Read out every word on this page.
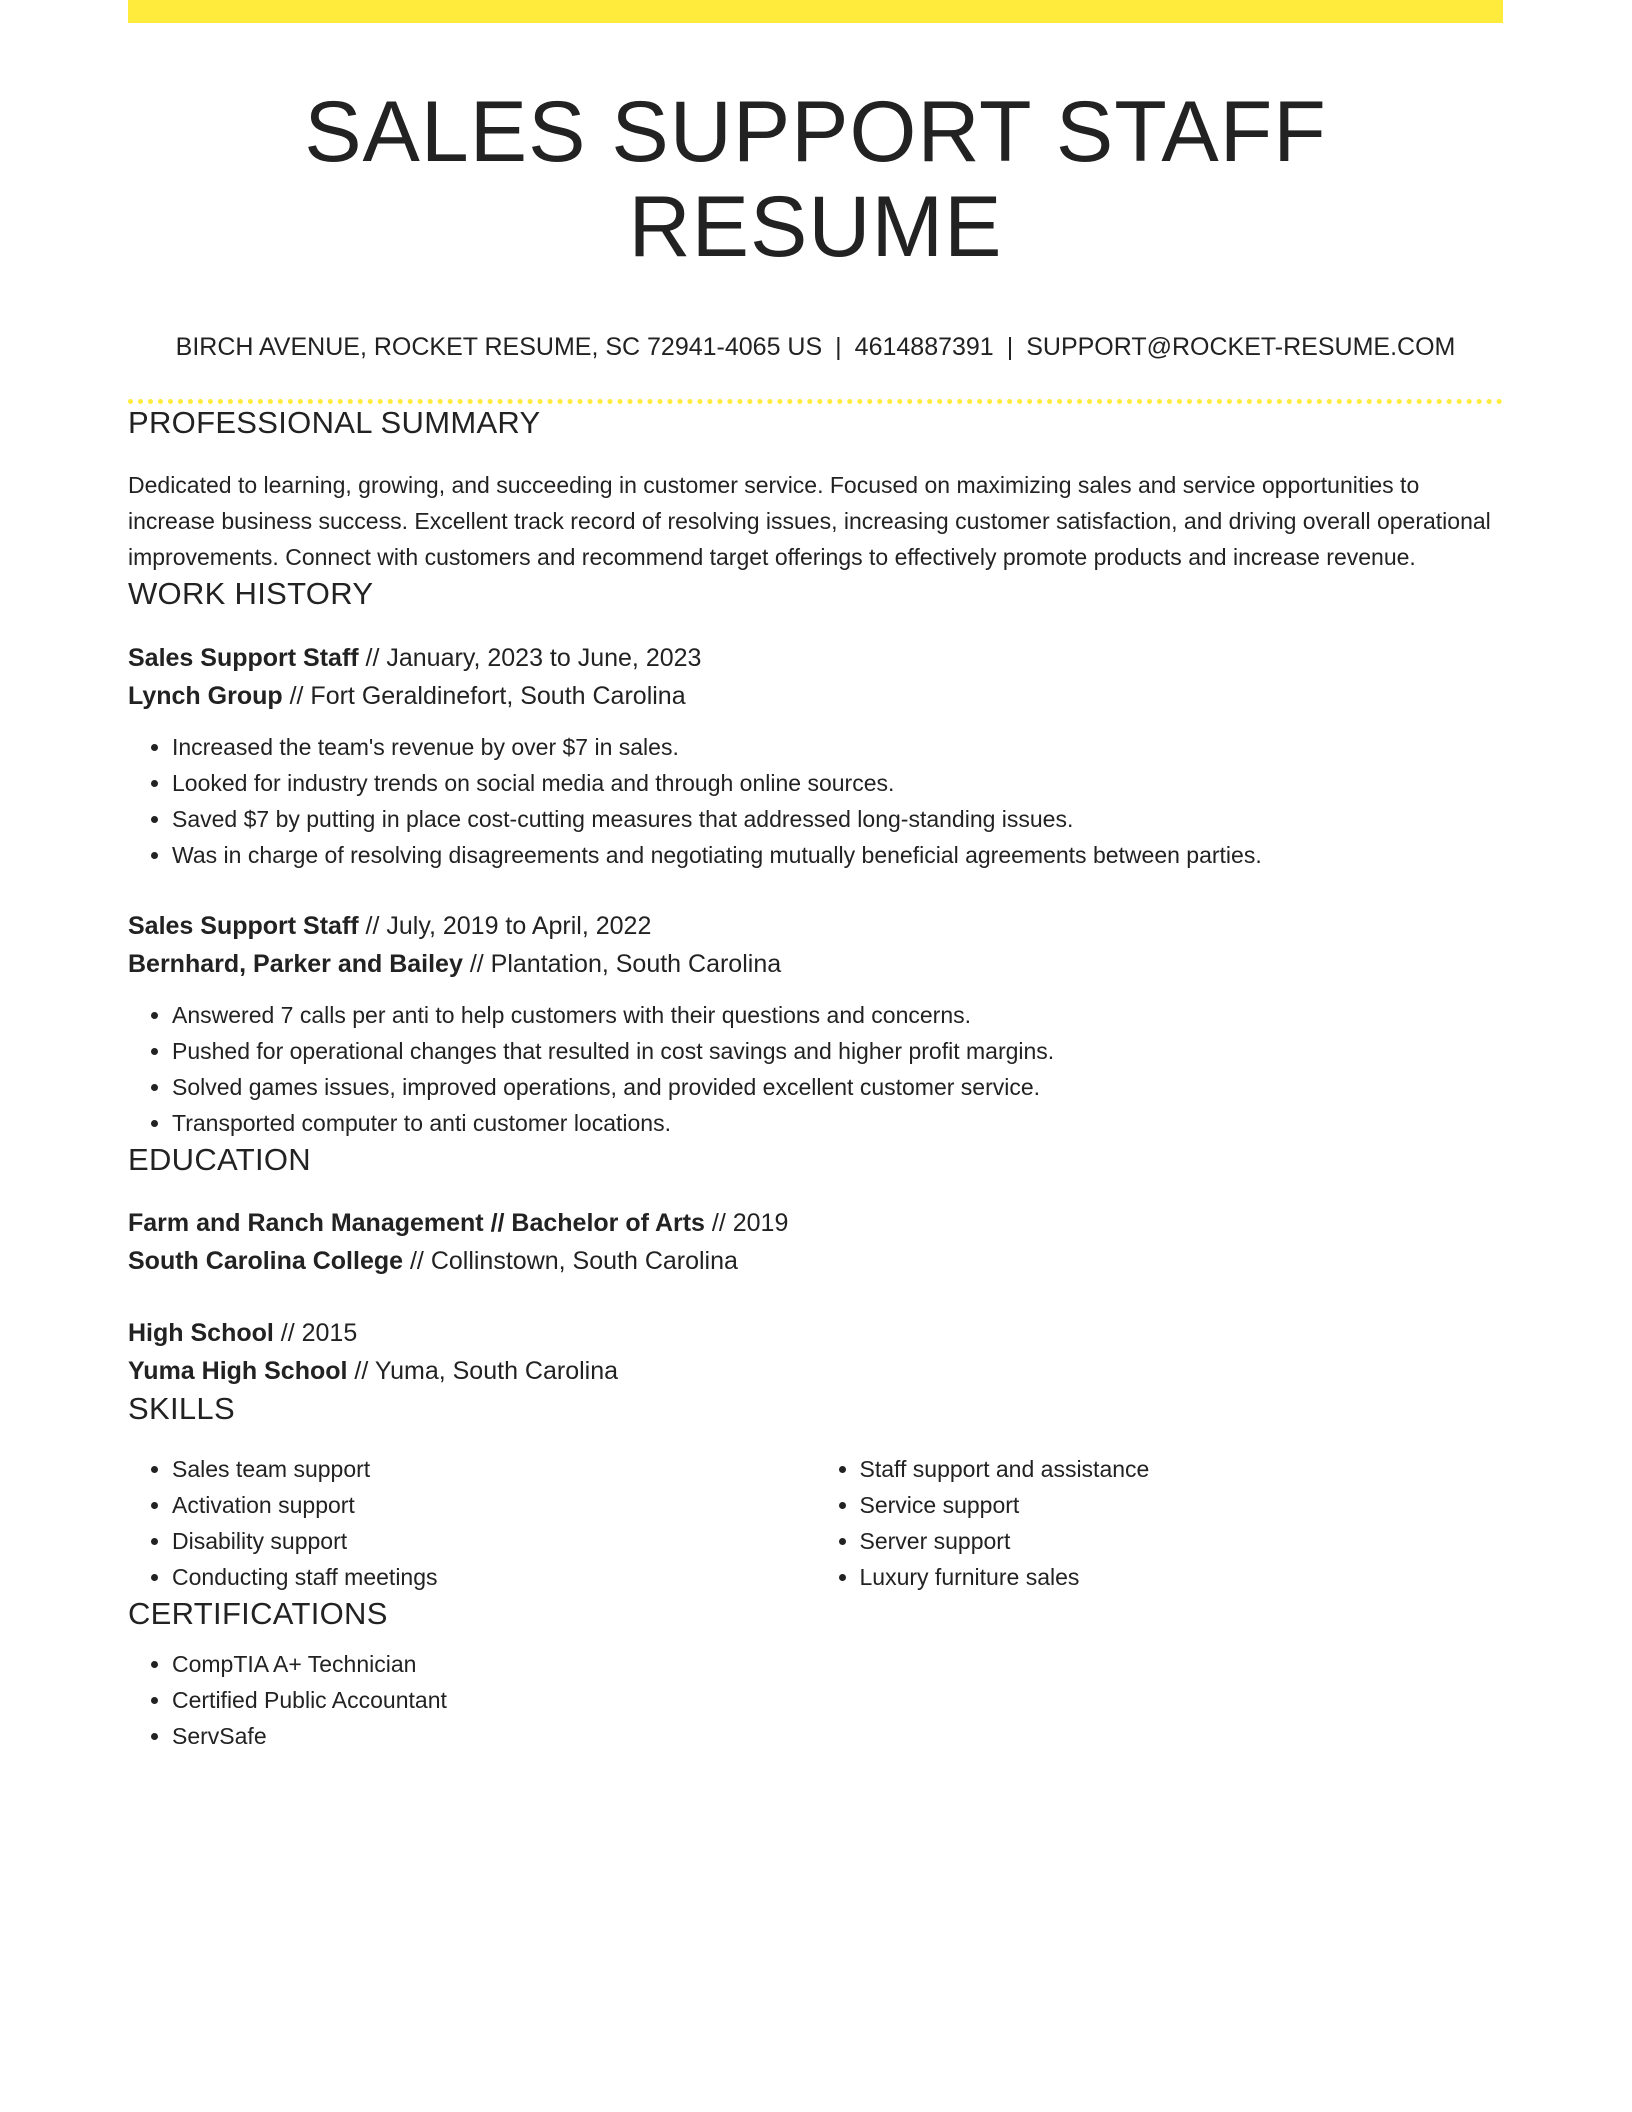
SALES SUPPORT STAFF RESUME
BIRCH AVENUE, ROCKET RESUME, SC 72941-4065 US | 4614887391 | SUPPORT@ROCKET-RESUME.COM
PROFESSIONAL SUMMARY

Dedicated to learning, growing, and succeeding in customer service. Focused on maximizing sales and service opportunities to increase business success. Excellent track record of resolving issues, increasing customer satisfaction, and driving overall operational improvements. Connect with customers and recommend target offerings to effectively promote products and increase revenue.

WORK HISTORY
Sales Support Staff // January, 2023 to June, 2023
Lynch Group // Fort Geraldinefort, South Carolina
• Increased the team's revenue by over $7 in sales.
• Looked for industry trends on social media and through online sources.
• Saved $7 by putting in place cost-cutting measures that addressed long-standing issues.
• Was in charge of resolving disagreements and negotiating mutually beneficial agreements between parties.
Sales Support Staff // July, 2019 to April, 2022
Bernhard, Parker and Bailey // Plantation, South Carolina
• Answered 7 calls per anti to help customers with their questions and concerns.
• Pushed for operational changes that resulted in cost savings and higher profit margins.
• Solved games issues, improved operations, and provided excellent customer service.
• Transported computer to anti customer locations.
EDUCATION
Farm and Ranch Management // Bachelor of Arts // 2019
South Carolina College // Collinstown, South Carolina
High School // 2015
Yuma High School // Yuma, South Carolina
SKILLS
• Sales team support
• Activation support
• Disability support
• Conducting staff meetings
• Staff support and assistance
• Service support
• Server support
• Luxury furniture sales
CERTIFICATIONS
• CompTIA A+ Technician
• Certified Public Accountant
• ServSafe
